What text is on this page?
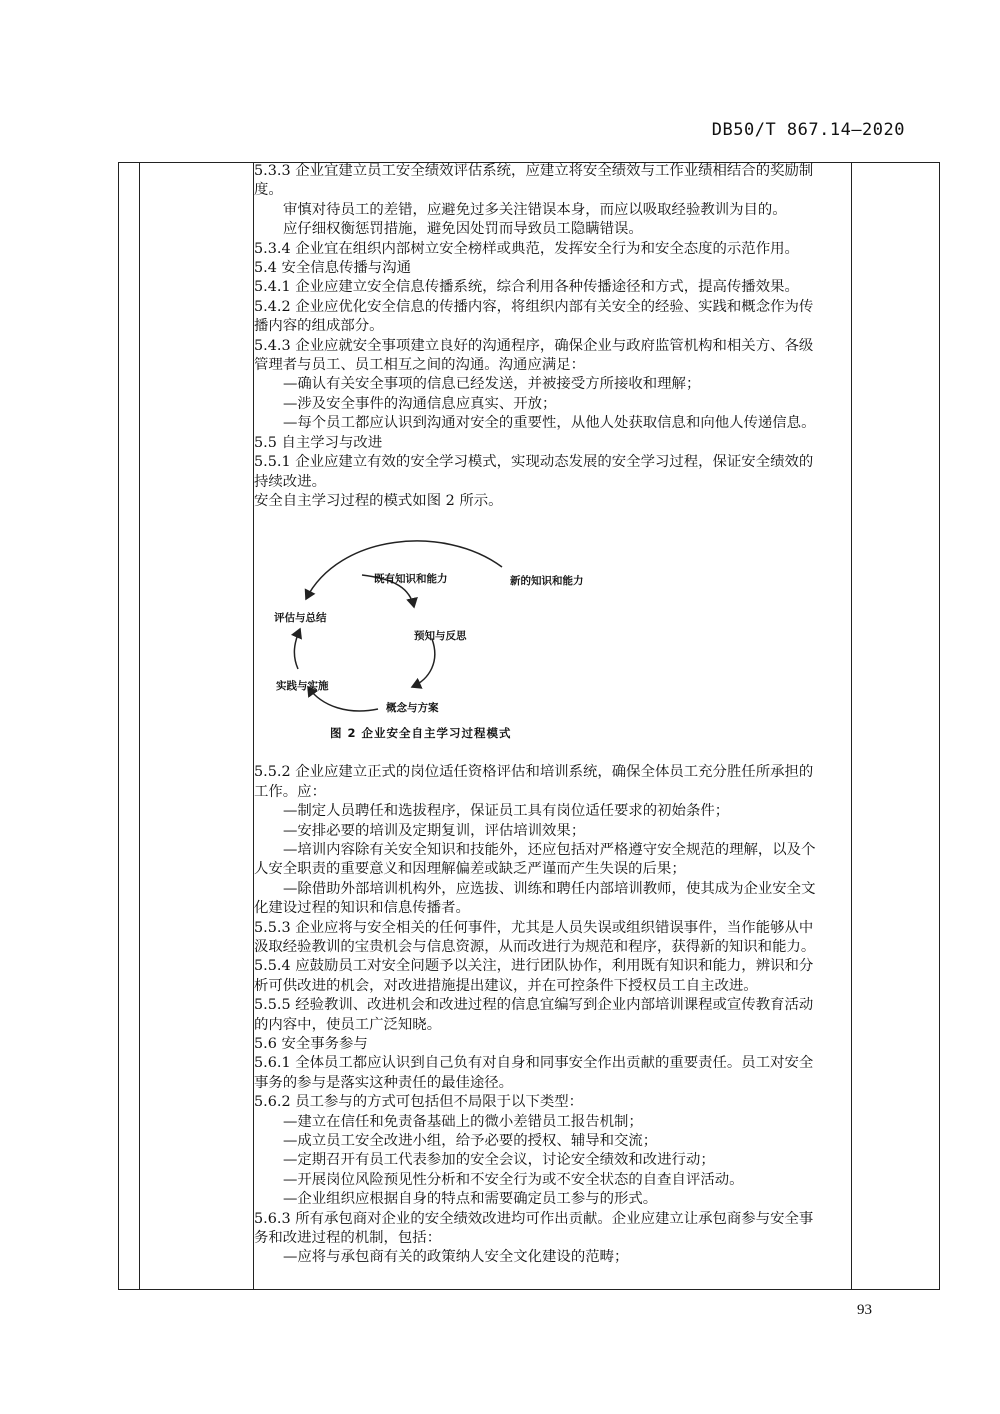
DB50/T 867.14—2020

5.3.3 企业宜建立员工安全绩效评估系统，应建立将安全绩效与工作业绩相结合的奖励制

度。

审慎对待员工的差错，应避免过多关注错误本身，而应以吸取经验教训为目的。

应仔细权衡惩罚措施，避免因处罚而导致员工隐瞒错误。

5.3.4 企业宜在组织内部树立安全榜样或典范，发挥安全行为和安全态度的示范作用。

5.4 安全信息传播与沟通

5.4.1 企业应建立安全信息传播系统，综合利用各种传播途径和方式，提高传播效果。

5.4.2 企业应优化安全信息的传播内容，将组织内部有关安全的经验、实践和概念作为传

播内容的组成部分。

5.4.3 企业应就安全事项建立良好的沟通程序，确保企业与政府监管机构和相关方、各级

管理者与员工、员工相互之间的沟通。沟通应满足：

—确认有关安全事项的信息已经发送，并被接受方所接收和理解；

—涉及安全事件的沟通信息应真实、开放；

—每个员工都应认识到沟通对安全的重要性，从他人处获取信息和向他人传递信息。

5.5 自主学习与改进

5.5.1 企业应建立有效的安全学习模式，实现动态发展的安全学习过程，保证安全绩效的

持续改进。

安全自主学习过程的模式如图 2 所示。

既有知识和能力	新的知识和能力
评估与总结
预知与反思
实践与实施
概念与方案
图 2 企业安全自主学习过程模式

5.5.2 企业应建立正式的岗位适任资格评估和培训系统，确保全体员工充分胜任所承担的

工作。应：

—制定人员聘任和选拔程序，保证员工具有岗位适任要求的初始条件；

—安排必要的培训及定期复训，评估培训效果；

—培训内容除有关安全知识和技能外，还应包括对严格遵守安全规范的理解，以及个

人安全职责的重要意义和因理解偏差或缺乏严谨而产生失误的后果；

—除借助外部培训机构外，应选拔、训练和聘任内部培训教师，使其成为企业安全文

化建设过程的知识和信息传播者。

5.5.3 企业应将与安全相关的任何事件，尤其是人员失误或组织错误事件，当作能够从中

汲取经验教训的宝贵机会与信息资源，从而改进行为规范和程序，获得新的知识和能力。

5.5.4 应鼓励员工对安全问题予以关注，进行团队协作，利用既有知识和能力，辨识和分

析可供改进的机会，对改进措施提出建议，并在可控条件下授权员工自主改进。

5.5.5 经验教训、改进机会和改进过程的信息宜编写到企业内部培训课程或宣传教育活动

的内容中，使员工广泛知晓。

5.6 安全事务参与

5.6.1 全体员工都应认识到自己负有对自身和同事安全作出贡献的重要责任。员工对安全

事务的参与是落实这种责任的最佳途径。

5.6.2 员工参与的方式可包括但不局限于以下类型：

—建立在信任和免责备基础上的微小差错员工报告机制；

—成立员工安全改进小组，给予必要的授权、辅导和交流；

—定期召开有员工代表参加的安全会议，讨论安全绩效和改进行动；

—开展岗位风险预见性分析和不安全行为或不安全状态的自查自评活动。

—企业组织应根据自身的特点和需要确定员工参与的形式。

5.6.3 所有承包商对企业的安全绩效改进均可作出贡献。企业应建立让承包商参与安全事

务和改进过程的机制，包括：

—应将与承包商有关的政策纳人安全文化建设的范畴；

93
